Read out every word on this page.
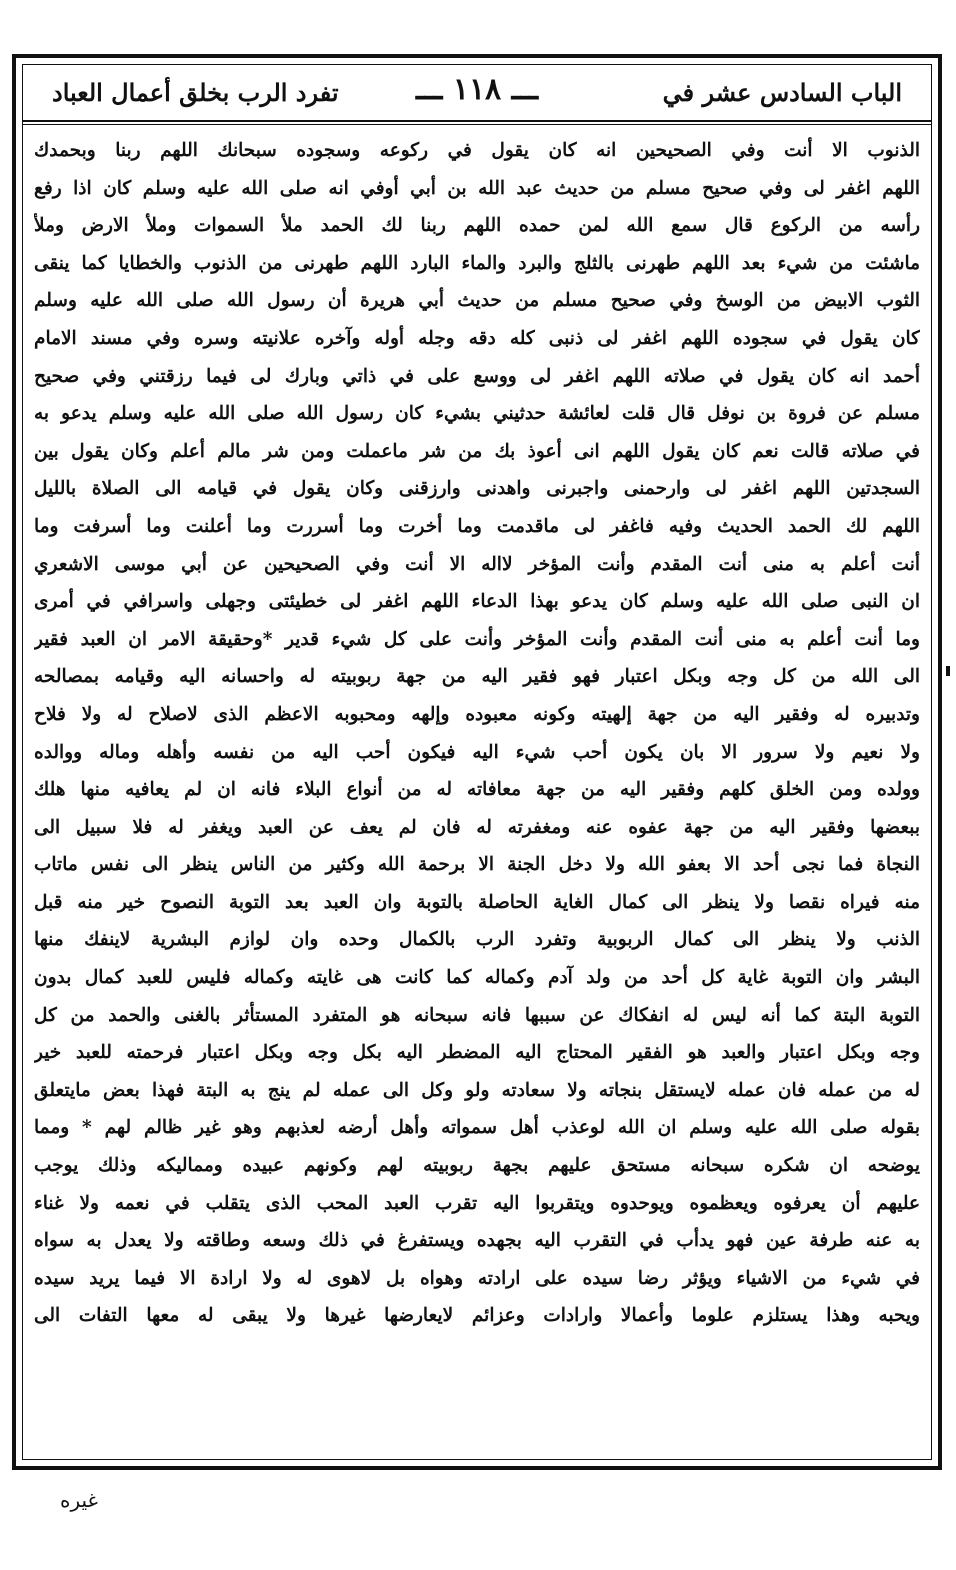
الباب السادس عشر في
ـــ ١١٨ ـــ
تفرد الرب بخلق أعمال العباد
الذنوب الا أنت وفي الصحيحين انه كان يقول في ركوعه وسجوده سبحانك اللهم ربنا وبحمدك
اللهم اغفر لى وفي صحيح مسلم من حديث عبد الله بن أبي أوفي انه صلى الله عليه وسلم كان اذا رفع
رأسه من الركوع قال سمع الله لمن حمده اللهم ربنا لك الحمد ملأ السموات وملأ الارض وملأ
ماشئت من شيء بعد اللهم طهرنى بالثلج والبرد والماء البارد اللهم طهرنى من الذنوب والخطايا كما ينقى
الثوب الابيض من الوسخ وفي صحيح مسلم من حديث أبي هريرة أن رسول الله صلى الله عليه وسلم
كان يقول في سجوده اللهم اغفر لى ذنبى كله دقه وجله أوله وآخره علانيته وسره وفي مسند الامام
أحمد انه كان يقول في صلاته اللهم اغفر لى ووسع على في ذاتي وبارك لى فيما رزقتني وفي صحيح
مسلم عن فروة بن نوفل قال قلت لعائشة حدثيني بشيء كان رسول الله صلى الله عليه وسلم يدعو به
في صلاته قالت نعم كان يقول اللهم انى أعوذ بك من شر ماعملت ومن شر مالم أعلم وكان يقول بين
السجدتين اللهم اغفر لى وارحمنى واجبرنى واهدنى وارزقنى وكان يقول في قيامه الى الصلاة بالليل
اللهم لك الحمد الحديث وفيه فاغفر لى ماقدمت وما أخرت وما أسررت وما أعلنت وما أسرفت وما
أنت أعلم به منى أنت المقدم وأنت المؤخر لااله الا أنت وفي الصحيحين عن أبي موسى الاشعري
ان النبى صلى الله عليه وسلم كان يدعو بهذا الدعاء اللهم اغفر لى خطيئتى وجهلى واسرافي في أمرى
وما أنت أعلم به منى أنت المقدم وأنت المؤخر وأنت على كل شيء قدير *وحقيقة الامر ان العبد فقير
الى الله من كل وجه وبكل اعتبار فهو فقير اليه من جهة ربوبيته له واحسانه اليه وقيامه بمصالحه
وتدبيره له وفقير اليه من جهة إلهيته وكونه معبوده وإلهه ومحبوبه الاعظم الذى لاصلاح له ولا فلاح
ولا نعيم ولا سرور الا بان يكون أحب شيء اليه فيكون أحب اليه من نفسه وأهله وماله ووالده
وولده ومن الخلق كلهم وفقير اليه من جهة معافاته له من أنواع البلاء فانه ان لم يعافيه منها هلك
ببعضها وفقير اليه من جهة عفوه عنه ومغفرته له فان لم يعف عن العبد ويغفر له فلا سبيل الى
النجاة فما نجى أحد الا بعفو الله ولا دخل الجنة الا برحمة الله وكثير من الناس ينظر الى نفس ماتاب
منه فيراه نقصا ولا ينظر الى كمال الغاية الحاصلة بالتوبة وان العبد بعد التوبة النصوح خير منه قبل
الذنب ولا ينظر الى كمال الربوبية وتفرد الرب بالكمال وحده وان لوازم البشرية لاينفك منها
البشر وان التوبة غاية كل أحد من ولد آدم وكماله كما كانت هى غايته وكماله فليس للعبد كمال بدون
التوبة البتة كما أنه ليس له انفكاك عن سببها فانه سبحانه هو المتفرد المستأثر بالغنى والحمد من كل
وجه وبكل اعتبار والعبد هو الفقير المحتاج اليه المضطر اليه بكل وجه وبكل اعتبار فرحمته للعبد خير
له من عمله فان عمله لايستقل بنجاته ولا سعادته ولو وكل الى عمله لم ينج به البتة فهذا بعض مايتعلق
بقوله صلى الله عليه وسلم ان الله لوعذب أهل سمواته وأهل أرضه لعذبهم وهو غير ظالم لهم * ومما
يوضحه ان شكره سبحانه مستحق عليهم بجهة ربوبيته لهم وكونهم عبيده ومماليكه وذلك يوجب
عليهم أن يعرفوه ويعظموه ويوحدوه ويتقربوا اليه تقرب العبد المحب الذى يتقلب في نعمه ولا غناء
به عنه طرفة عين فهو يدأب في التقرب اليه بجهده ويستفرغ في ذلك وسعه وطاقته ولا يعدل به سواه
في شيء من الاشياء ويؤثر رضا سيده على ارادته وهواه بل لاهوى له ولا ارادة الا فيما يريد سيده
ويحبه وهذا يستلزم علوما وأعمالا وارادات وعزائم لايعارضها غيرها ولا يبقى له معها التفات الى
غيره
